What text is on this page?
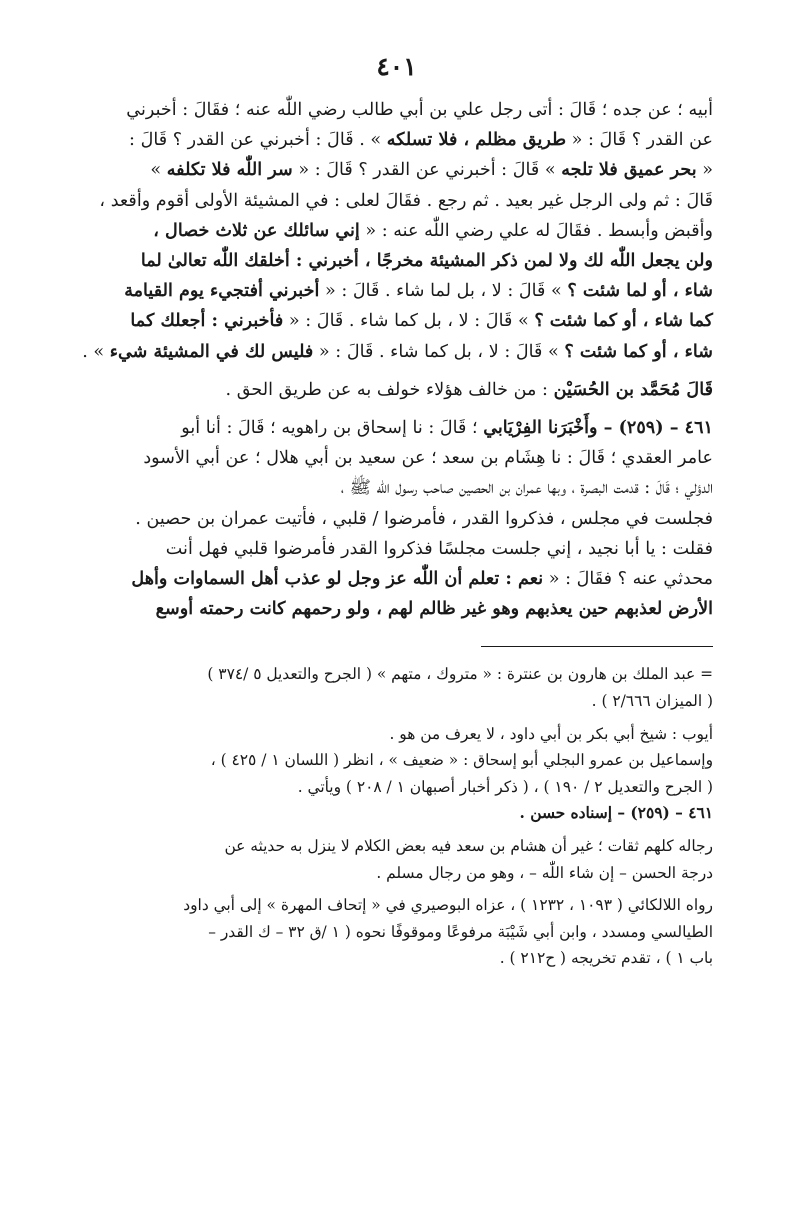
٤٠١

أبيه ؛ عن جده ؛ قَالَ : أتى رجل علي بن أبي طالب رضي اللّٰه عنه ؛ فقَالَ : أخبرني

عن القدر ؟ قَالَ : « طريق مظلم ، فلا تسلكه » . قَالَ : أخبرني عن القدر ؟ قَالَ :

« بحر عميق فلا تلجه » قَالَ : أخبرني عن القدر ؟ قَالَ : « سر اللّٰه فلا تكلفه »

قَالَ : ثم ولى الرجل غير بعيد . ثم رجع . فقَالَ لعلى : في المشيئة الأولى أقوم وأقعد ،

وأقبض وأبسط . فقَالَ له علي رضي اللّٰه عنه : « إني سائلك عن ثلاث خصال ،

ولن يجعل اللّٰه لك ولا لمن ذكر المشيئة مخرجًا ، أخبرني : أخلقك اللّٰه تعالىٰ لما

شاء ، أو لما شئت ؟ » قَالَ : لا ، بل لما شاء . قَالَ : « أخبرني أفتجيء يوم القيامة

كما شاء ، أو كما شئت ؟ » قَالَ : لا ، بل كما شاء . قَالَ : « فأخبرني : أجعلك كما

شاء ، أو كما شئت ؟ » قَالَ : لا ، بل كما شاء . قَالَ : « فليس لك في المشيئة شيء » .

قَالَ مُحَمَّد بن الحُسَيْن : من خالف هؤلاء خولف به عن طريق الحق .

٤٦١ – (٢٥٩) – وأَخْبَرَنا الفِرْيَابي ؛ قَالَ : نا إسحاق بن راهويه ؛ قَالَ : أنا أبو

عامر العقدي ؛ قَالَ : نا هِشَام بن سعد ؛ عن سعيد بن أبي هلال ؛ عن أبي الأسود

الدؤلي ؛ قَالَ : قدمت البصرة ، وبها عمران بن الحصين صاحب رسول اللّٰه ﷺ ،

فجلست في مجلس ، فذكروا القدر ، فأمرضوا / قلبي ، فأتيت عمران بن حصين .

فقلت : يا أبا نجيد ، إني جلست مجلسًا فذكروا القدر فأمرضوا قلبي فهل أنت

محدثي عنه ؟ فقَالَ : « نعم : تعلم أن اللّٰه عز وجل لو عذب أهل السماوات وأهل

الأرض لعذبهم حين يعذبهم وهو غير ظالم لهم ، ولو رحمهم كانت رحمته أوسع

= عبد الملك بن هارون بن عنترة : « متروك ، متهم » ( الجرح والتعديل ٥ /٣٧٤ )

( الميزان ٢/٦٦٦ ) .

أيوب : شيخ أبي بكر بن أبي داود ، لا يعرف من هو .

وإسماعيل بن عمرو البجلي أبو إسحاق : « ضعيف » ، انظر ( اللسان ١ / ٤٢٥ ) ،

( الجرح والتعديل ٢ / ١٩٠ ) ، ( ذكر أخبار أصبهان ١ / ٢٠٨ ) ويأتي .

٤٦١ – (٢٥٩) – إسناده حسن .

رجاله كلهم ثقات ؛ غير أن هشام بن سعد فيه بعض الكلام لا ينزل به حديثه عن

درجة الحسن – إن شاء اللّٰه – ، وهو من رجال مسلم .

رواه اللالكائي ( ١٠٩٣ ، ١٢٣٢ ) ، عزاه البوصيري في « إتحاف المهرة » إلى أبي داود

الطيالسي ومسدد ، وابن أبي شَيْبَة مرفوعًا وموقوفًا نحوه ( ١ /ق ٣٢ – ك القدر –

باب ١ ) ، تقدم تخريجه ( ح٢١٢ ) .
